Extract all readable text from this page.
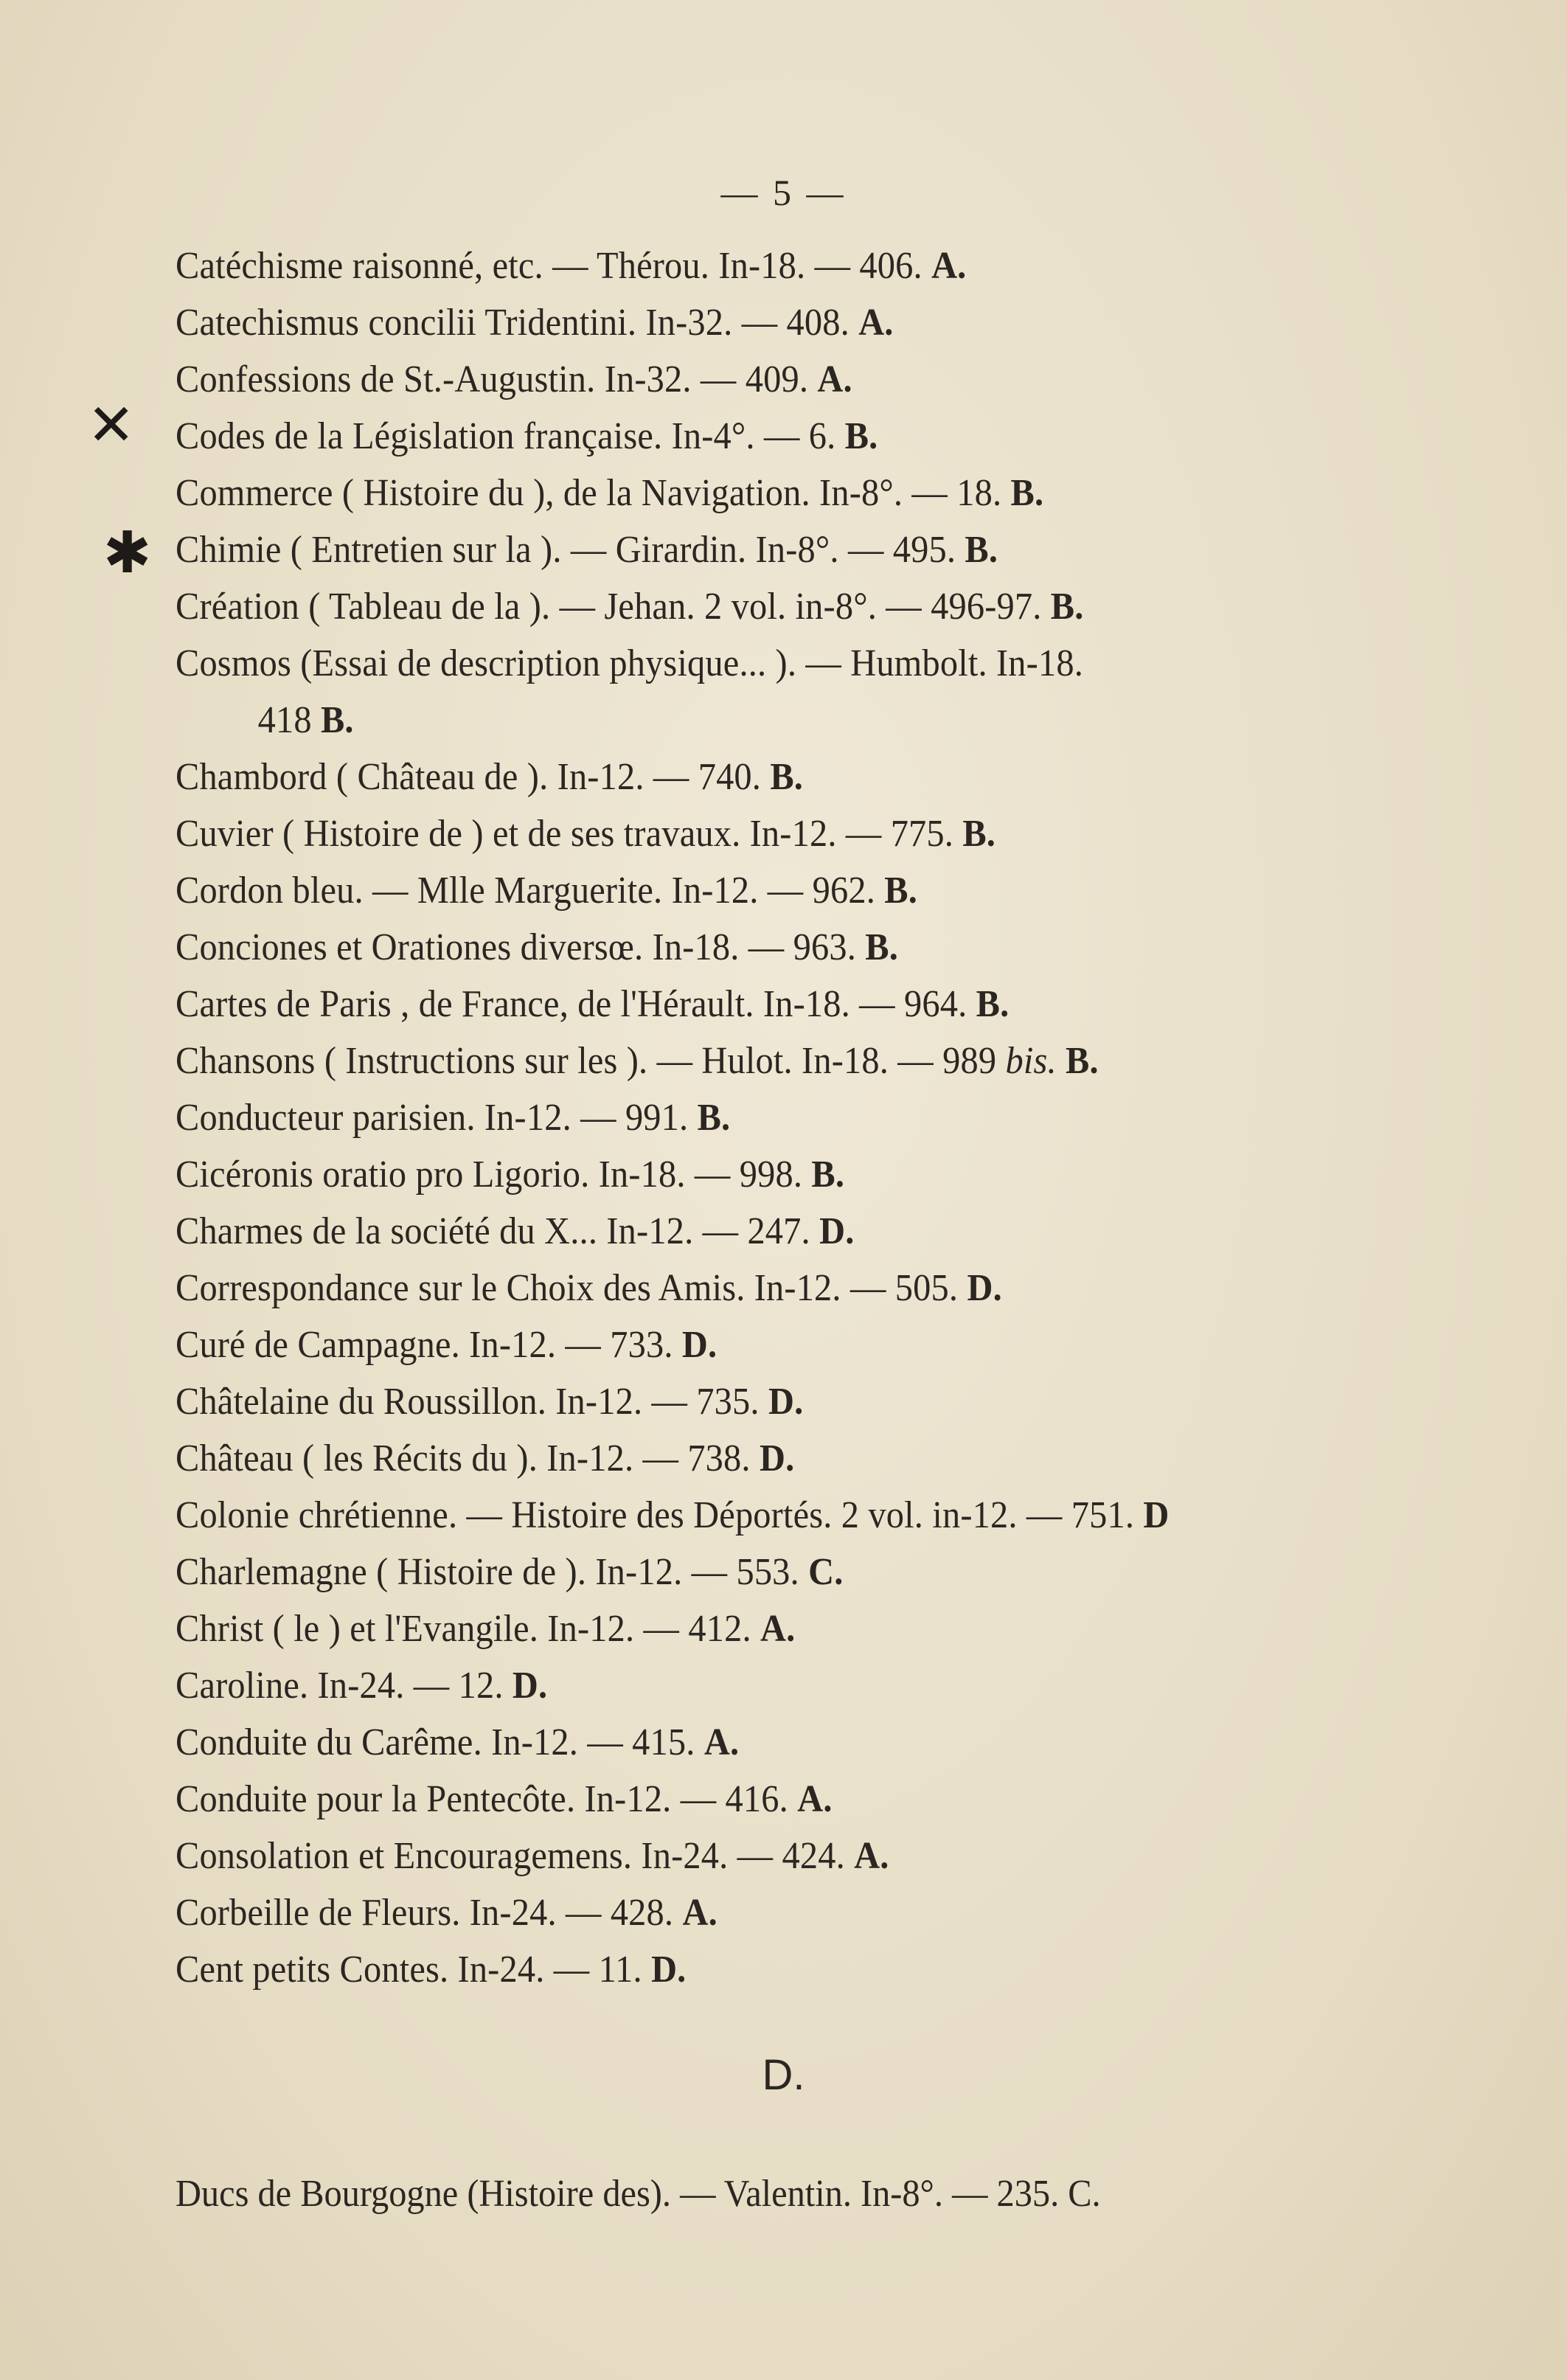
— 5 —
✕
✱
Catéchisme raisonné, etc. — Thérou. In-18. — 406. A.
Catechismus concilii Tridentini. In-32. — 408. A.
Confessions de St.-Augustin. In-32. — 409. A.
Codes de la Législation française. In-4°. — 6. B.
Commerce ( Histoire du ), de la Navigation. In-8°. — 18. B.
Chimie ( Entretien sur la ). — Girardin. In-8°. — 495. B.
Création ( Tableau de la ). — Jehan. 2 vol. in-8°. — 496-97. B.
Cosmos (Essai de description physique... ). — Humbolt. In-18.
418 B.
Chambord ( Château de ). In-12. — 740. B.
Cuvier ( Histoire de ) et de ses travaux. In-12. — 775. B.
Cordon bleu. — Mlle Marguerite. In-12. — 962. B.
Conciones et Orationes diversœ. In-18. — 963. B.
Cartes de Paris , de France, de l'Hérault. In-18. — 964. B.
Chansons ( Instructions sur les ). — Hulot. In-18. — 989 bis. B.
Conducteur parisien. In-12. — 991. B.
Cicéronis oratio pro Ligorio. In-18. — 998. B.
Charmes de la société du X... In-12. — 247. D.
Correspondance sur le Choix des Amis. In-12. — 505. D.
Curé de Campagne. In-12. — 733. D.
Châtelaine du Roussillon. In-12. — 735. D.
Château ( les Récits du ). In-12. — 738. D.
Colonie chrétienne. — Histoire des Déportés. 2 vol. in-12. — 751. D
Charlemagne ( Histoire de ). In-12. — 553. C.
Christ ( le ) et l'Evangile. In-12. — 412. A.
Caroline. In-24. — 12. D.
Conduite du Carême. In-12. — 415. A.
Conduite pour la Pentecôte. In-12. — 416. A.
Consolation et Encouragemens. In-24. — 424. A.
Corbeille de Fleurs. In-24. — 428. A.
Cent petits Contes. In-24. — 11. D.
D.
Ducs de Bourgogne (Histoire des). — Valentin. In-8°. — 235. C.
